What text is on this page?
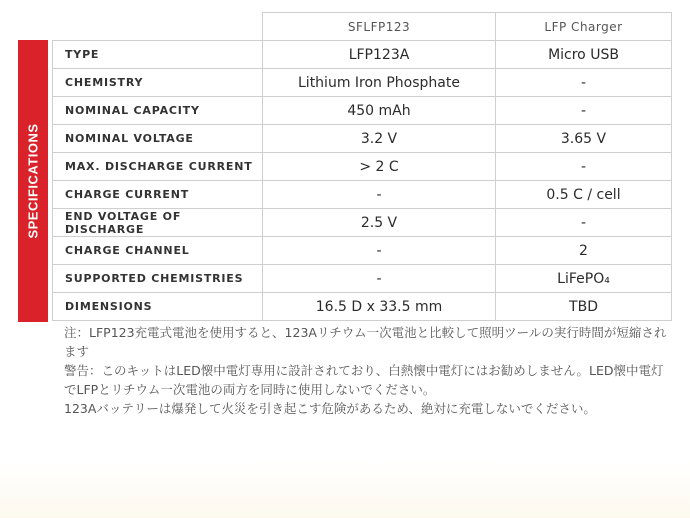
SPECIFICATIONS
	SFLFP123	LFP Charger
TYPE	LFP123A	Micro USB
CHEMISTRY	Lithium Iron Phosphate	-
NOMINAL CAPACITY	450 mAh	-
NOMINAL VOLTAGE	3.2 V	3.65 V
MAX. DISCHARGE CURRENT	> 2 C	-
CHARGE CURRENT	-	0.5 C / cell
END VOLTAGE OF DISCHARGE	2.5 V	-
CHARGE CHANNEL	-	2
SUPPORTED CHEMISTRIES	-	LiFePO₄
DIMENSIONS	16.5 D x 33.5 mm	TBD

注：LFP123充電式電池を使用すると、123Aリチウム一次電池と比較して照明ツールの実行時間が短縮されます

警告：このキットはLED懐中電灯専用に設計されており、白熱懐中電灯にはお勧めしません。LED懐中電灯でLFPとリチウム一次電池の両方を同時に使用しないでください。

123Aバッテリーは爆発して火災を引き起こす危険があるため、絶対に充電しないでください。
